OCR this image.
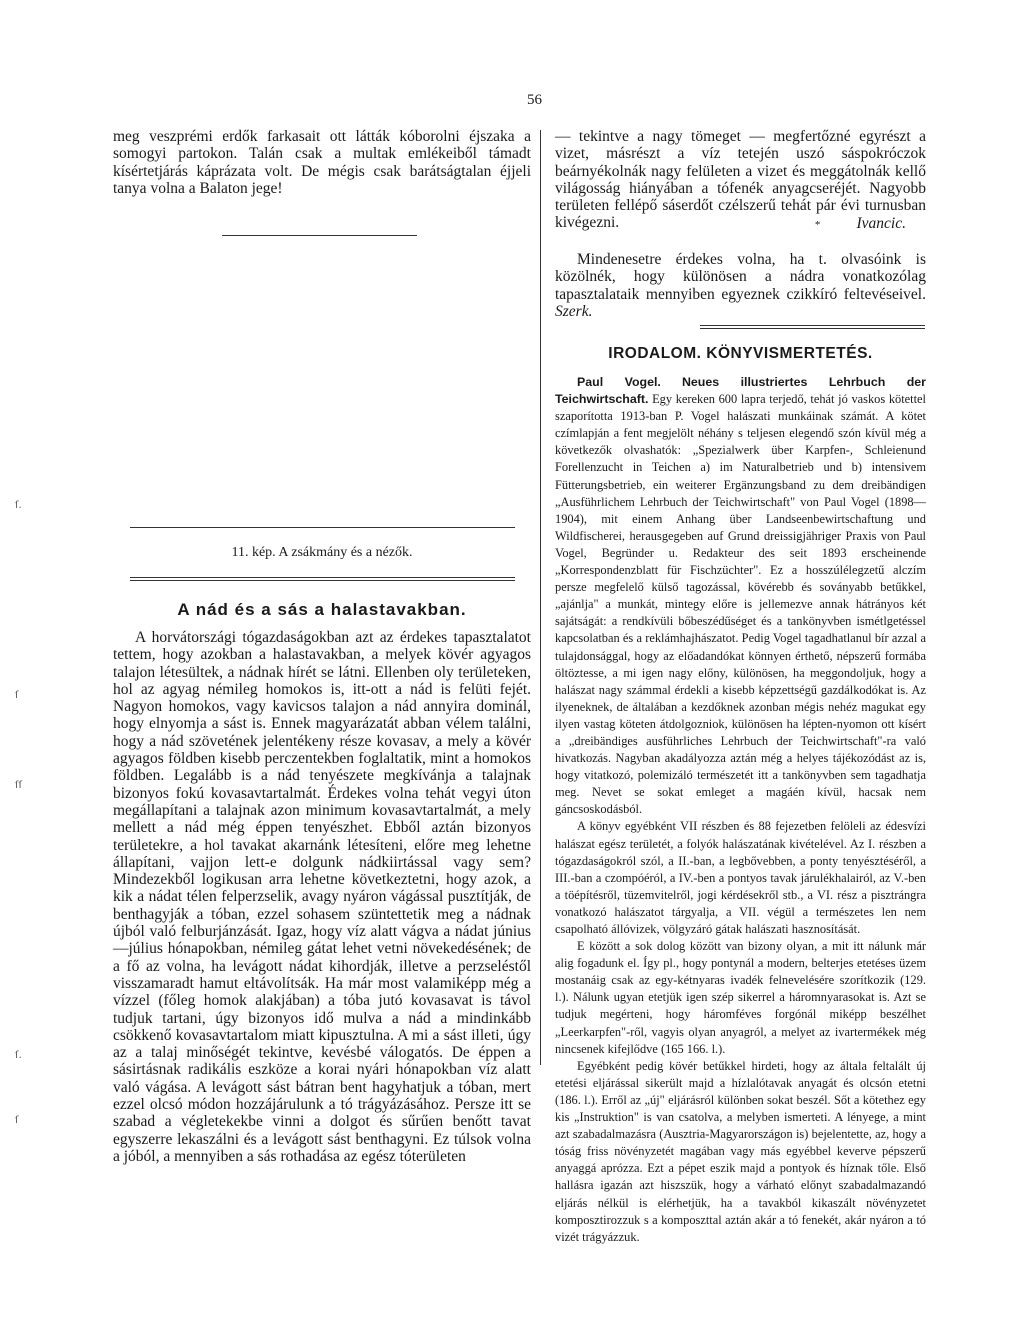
56

meg veszprémi erdők farkasait ott látták kóborolni éjszaka a somogyi partokon. Talán csak a multak emlékeiből támadt kísértetjárás káprázata volt. De mégis csak barátságtalan éjjeli tanya volna a Balaton jege!

11. kép. A zsákmány és a nézők.
A nád és a sás a halastavakban.

A horvátországi tógazdaságokban azt az érdekes tapasztalatot tettem, hogy azokban a halastavakban, a melyek kövér agyagos talajon létesültek, a nádnak hírét se látni. Ellenben oly területeken, hol az agyag némileg homokos is, itt-ott a nád is felüti fejét. Nagyon homokos, vagy kavicsos talajon a nád annyira dominál, hogy elnyomja a sást is. Ennek magyarázatát abban vélem találni, hogy a nád szövetének jelentékeny része kovasav, a mely a kövér agyagos földben kisebb perczentekben foglaltatik, mint a homokos földben. Legalább is a nád tenyészete megkívánja a talajnak bizonyos fokú kovasavtartalmát. Érdekes volna tehát vegyi úton megállapítani a talajnak azon minimum kovasavtartalmát, a mely mellett a nád még éppen tenyészhet. Ebből aztán bizonyos területekre, a hol tavakat akarnánk létesíteni, előre meg lehetne állapítani, vajjon lett-e dolgunk nádkiirtással vagy sem? Mindezekből logikusan arra lehetne következtetni, hogy azok, a kik a nádat télen felperzselik, avagy nyáron vágással pusztítják, de benthagyják a tóban, ezzel sohasem szüntettetik meg a nádnak újból való felburjánzását. Igaz, hogy víz alatt vágva a nádat június—július hónapokban, némileg gátat lehet vetni növekedésének; de a fő az volna, ha levágott nádat kihordják, illetve a perzseléstől visszamaradt hamut eltávolítsák. Ha már most valamiképp még a vízzel (főleg homok alakjában) a tóba jutó kovasavat is távol tudjuk tartani, úgy bizonyos idő mulva a nád a mindinkább csökkenő kovasavtartalom miatt kipusztulna. A mi a sást illeti, úgy az a talaj minőségét tekintve, kevésbé válogatós. De éppen a sásirtásnak radikális eszköze a korai nyári hónapokban víz alatt való vágása. A levágott sást bátran bent hagyhatjuk a tóban, mert ezzel olcsó módon hozzájárulunk a tó trágyázásához. Persze itt se szabad a végletekekbe vinni a dolgot és sűrűen benőtt tavat egyszerre lekaszálni és a levágott sást benthagyni. Ez túlsok volna a jóból, a mennyiben a sás rothadása az egész tóterületen

— tekintve a nagy tömeget — megfertőzné egyrészt a vizet, másrészt a víz tetején uszó sáspokróczok beárnyékolnák nagy felületen a vizet és meggátolnák kellő világosság hiányában a tófenék anyagcseréjét. Nagyobb területen fellépő sáserdőt czélszerű tehát pár évi turnusban kivégezni.	* Ivancic.

Mindenesetre érdekes volna, ha t. olvasóink is közölnék, hogy különösen a nádra vonatkozólag tapasztalataik mennyiben egyeznek czikkíró feltevéseivel. Szerk.

IRODALOM. KÖNYVISMERTETÉS.

Paul Vogel. Neues illustriertes Lehrbuch der Teichwirtschaft. Egy kereken 600 lapra terjedő, tehát jó vaskos kötettel szaporította 1913-ban P. Vogel halászati munkáinak számát. A kötet czímlapján a fent megjelölt néhány s teljesen elegendő szón kívül még a következők olvashatók: „Spezialwerk über Karpfen-, Schleienund Forellenzucht in Teichen a) im Naturalbetrieb und b) intensivem Fütterungsbetrieb, ein weiterer Ergänzungsband zu dem dreibändigen „Ausführlichem Lehrbuch der Teichwirtschaft" von Paul Vogel (1898—1904), mit einem Anhang über Landseenbewirtschaftung und Wildfischerei, herausgegeben auf Grund dreissigjähriger Praxis von Paul Vogel, Begründer u. Redakteur des seit 1893 erscheinende „Korrespondenzblatt für Fischzüchter". Ez a hosszúlélegzetű alczím persze megfelelő külső tagozással, kövérebb és soványabb betűkkel, „ajánlja" a munkát, mintegy előre is jellemezve annak hátrányos két sajátságát: a rendkívüli bőbeszédűséget és a tankönyvben ismétlgetéssel kapcsolatban és a reklámhajhászatot. Pedig Vogel tagadhatlanul bír azzal a tulajdonsággal, hogy az előadandókat könnyen érthető, népszerű formába öltöztesse, a mi igen nagy előny, különösen, ha meggondoljuk, hogy a halászat nagy számmal érdekli a kisebb képzettségű gazdálkodókat is. Az ilyeneknek, de általában a kezdőknek azonban mégis nehéz magukat egy ilyen vastag köteten átdolgozniok, különösen ha lépten-nyomon ott kísért a „dreibändiges ausführliches Lehrbuch der Teichwirtschaft"-ra való hivatkozás. Nagyban akadályozza aztán még a helyes tájékozódást az is, hogy vitatkozó, polemizáló természetét itt a tankönyvben sem tagadhatja meg. Nevet se sokat emleget a magáén kívül, hacsak nem gáncsoskodásból.

A könyv egyébként VII részben és 88 fejezetben felöleli az édesvízi halászat egész területét, a folyók halászatának kivételével. Az I. részben a tógazdaságokról szól, a II.-ban, a legbővebben, a ponty tenyésztéséről, a III.-ban a czompóéról, a IV.-ben a pontyos tavak járulékhalairól, az V.-ben a töépítésről, tüzemvitelről, jogi kérdésekről stb., a VI. rész a pisztrángra vonatkozó halászatot tárgyalja, a VII. végül a természetes len nem csapolható állóvizek, völgyzáró gátak halászati hasznosítását.

E között a sok dolog között van bizony olyan, a mit itt nálunk már alig fogadunk el. Így pl., hogy pontynál a modern, belterjes etetéses üzem mostanáig csak az egy-kétnyaras ivadék felnevelésére szorítkozik (129. l.). Nálunk ugyan etetjük igen szép sikerrel a háromnyarasokat is. Azt se tudjuk megérteni, hogy háromféves forgónál miképp beszélhet „Leerkarpfen"-ről, vagyis olyan anyagról, a melyet az ivartermékek még nincsenek kifejlődve (165 166. l.).

Egyébként pedig kövér betűkkel hirdeti, hogy az általa feltalált új etetési eljárással sikerült majd a hízlalótavak anyagát és olcsón etetni (186. l.). Erről az „új" eljárásról különben sokat beszél. Sőt a kötethez egy kis „Instruktion" is van csatolva, a melyben ismerteti. A lényege, a mint azt szabadalmazásra (Ausztria-Magyarországon is) bejelentette, az, hogy a tóság friss növényzetét magában vagy más egyébbel keverve pépszerű anyaggá aprózza. Ezt a pépet eszik majd a pontyok és híznak tőle. Első hallásra igazán azt hiszszük, hogy a várható előnyt szabadalmazandó eljárás nélkül is elérhetjük, ha a tavakból kikaszált növényzetet komposztirozzuk s a komposzttal aztán akár a tó fenekét, akár nyáron a tó vizét trágyázzuk.

ſ.
ſ
ſſ
ſ.
ſ
